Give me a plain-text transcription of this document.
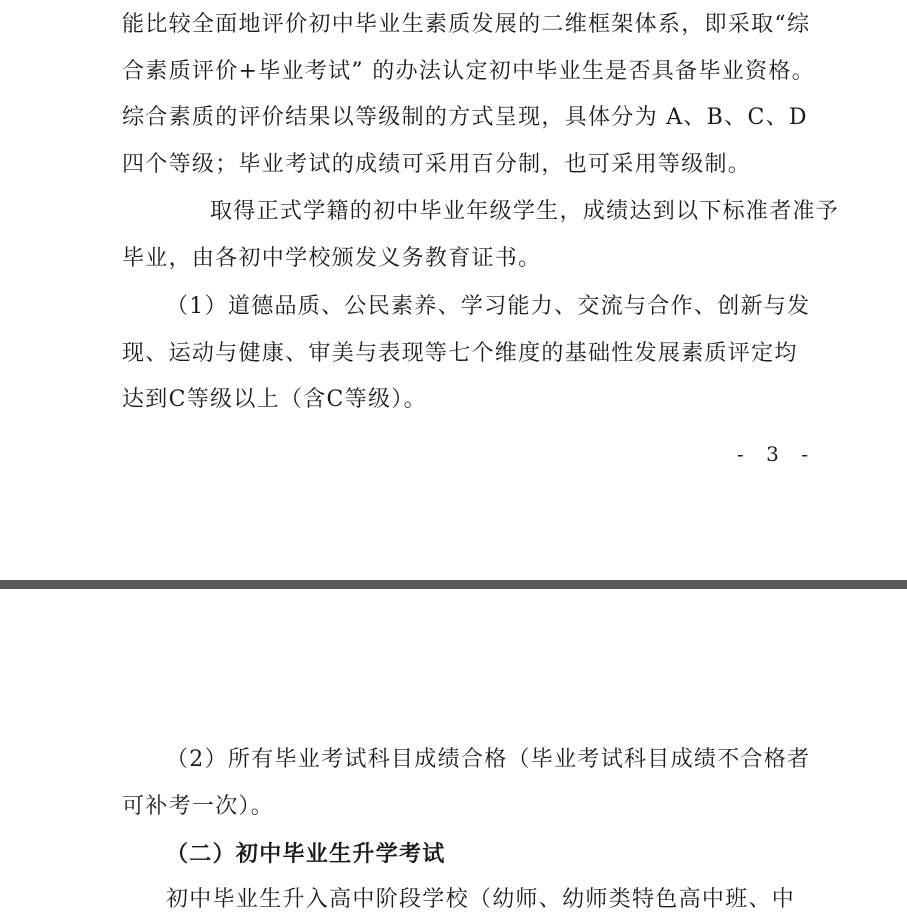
能比较全面地评价初中毕业生素质发展的二维框架体系，即采取“综
合素质评价+毕业考试” 的办法认定初中毕业生是否具备毕业资格。
综合素质的评价结果以等级制的方式呈现，具体分为 A、B、C、D
四个等级；毕业考试的成绩可采用百分制，也可采用等级制。
取得正式学籍的初中毕业年级学生，成绩达到以下标准者准予
毕业，由各初中学校颁发义务教育证书。
（1）道德品质、公民素养、学习能力、交流与合作、创新与发
现、运动与健康、审美与表现等七个维度的基础性发展素质评定均
达到C等级以上（含C等级）。
- 3 -
（2）所有毕业考试科目成绩合格（毕业考试科目成绩不合格者
可补考一次）。
（二）初中毕业生升学考试
初中毕业生升入高中阶段学校（幼师、幼师类特色高中班、中
